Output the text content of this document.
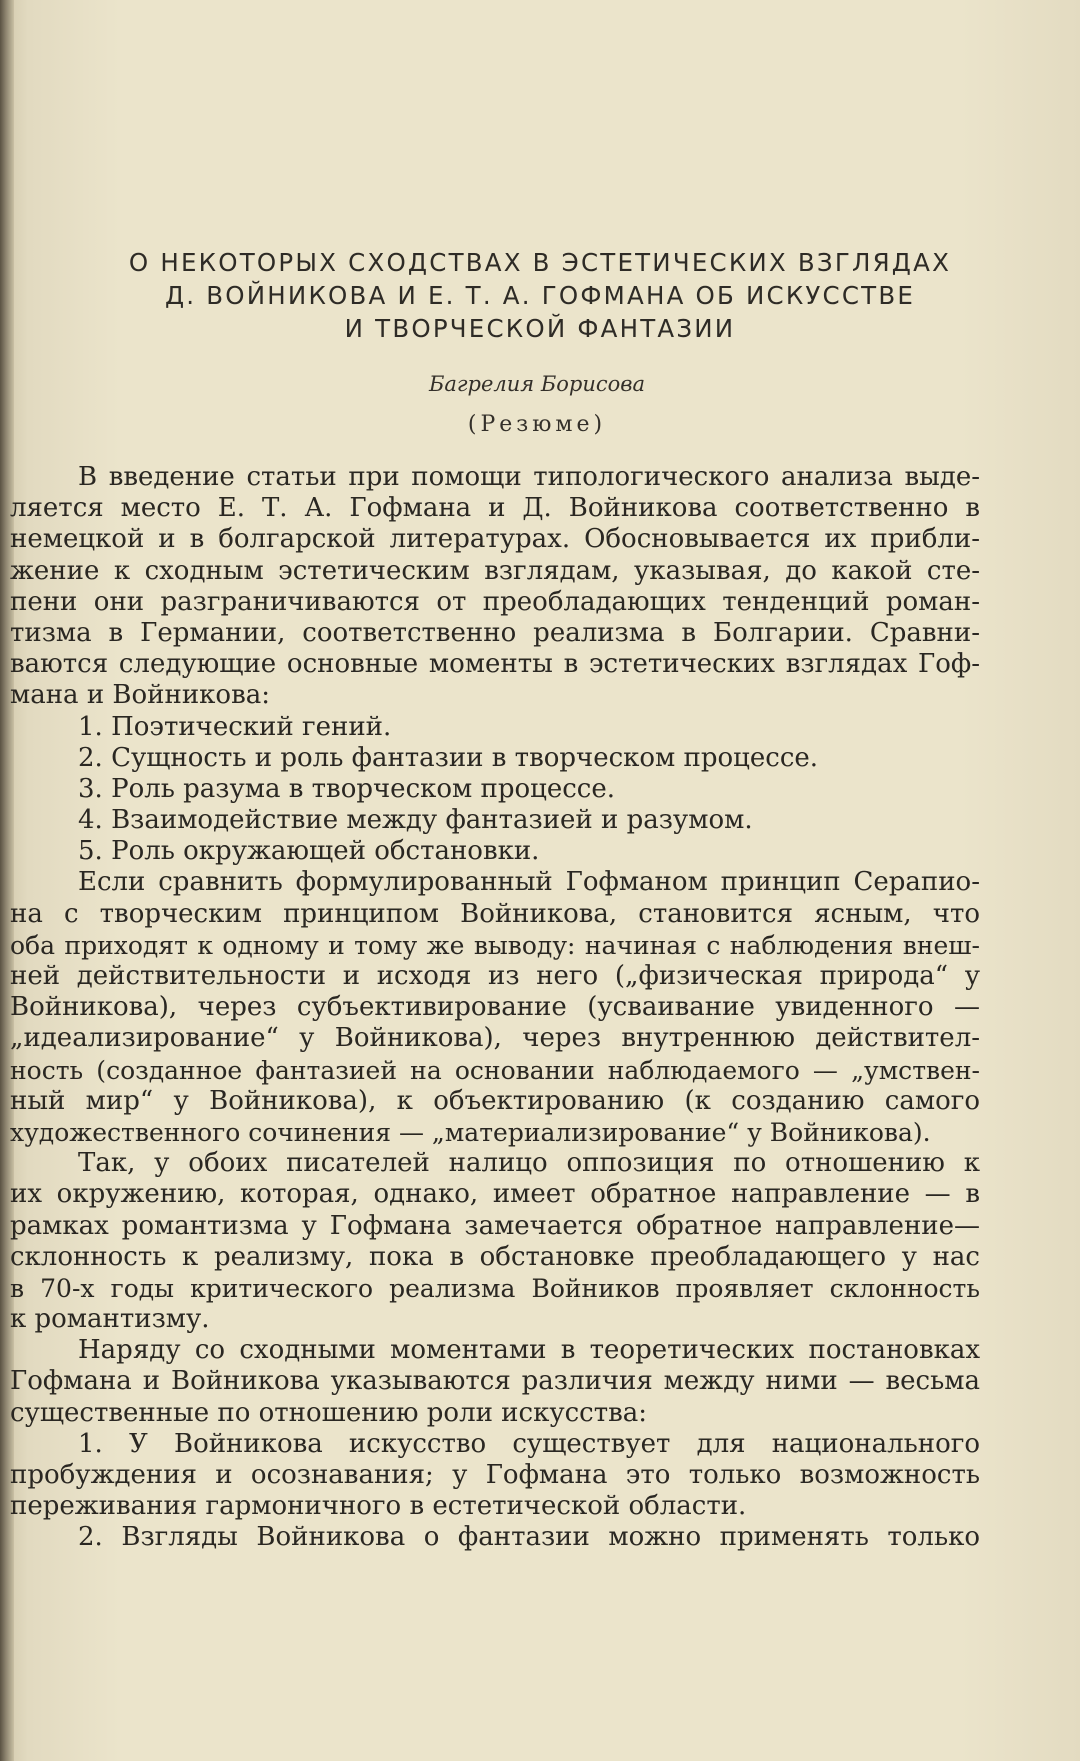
О НЕКОТОРЫХ СХОДСТВАХ В ЭСТЕТИЧЕСКИХ ВЗГЛЯДАХ
Д. ВОЙНИКОВА И Е. Т. А. ГОФМАНА ОБ ИСКУССТВЕ
И ТВОРЧЕСКОЙ ФАНТАЗИИ
Багрелия Борисова
(Резюме)
В введение статьи при помощи типологического анализа выде-
ляется место Е. Т. А. Гофмана и Д. Войникова соответственно в
немецкой и в болгарской литературах. Обосновывается их прибли-
жение к сходным эстетическим взглядам, указывая, до какой сте-
пени они разграничиваются от преобладающих тенденций роман-
тизма в Германии, соответственно реализма в Болгарии. Сравни-
ваются следующие основные моменты в эстетических взглядах Гоф-
мана и Войникова:
1. Поэтический гений.
2. Сущность и роль фантазии в творческом процессе.
3. Роль разума в творческом процессе.
4. Взаимодействие между фантазией и разумом.
5. Роль окружающей обстановки.
Если сравнить формулированный Гофманом принцип Серапио-
на с творческим принципом Войникова, становится ясным, что
оба приходят к одному и тому же выводу: начиная с наблюдения внеш-
ней действительности и исходя из него („физическая природа“ у
Войникова), через субъективирование (усваивание увиденного —
„идеализирование“ у Войникова), через внутреннюю действител-
ность (созданное фантазией на основании наблюдаемого — „умствен-
ный мир“ у Войникова), к объектированию (к созданию самого
художественного сочинения — „материализирование“ у Войникова).
Так, у обоих писателей налицо оппозиция по отношению к
их окружению, которая, однако, имеет обратное направление — в
рамках романтизма у Гофмана замечается обратное направление—
склонность к реализму, пока в обстановке преобладающего у нас
в 70-х годы критического реализма Войников проявляет склонность
к романтизму.
Наряду со сходными моментами в теоретических постановках
Гофмана и Войникова указываются различия между ними — весьма
существенные по отношению роли искусства:
1. У Войникова искусство существует для национального
пробуждения и осознавания; у Гофмана это только возможность
переживания гармоничного в естетической области.
2. Взгляды Войникова о фантазии можно применять только
